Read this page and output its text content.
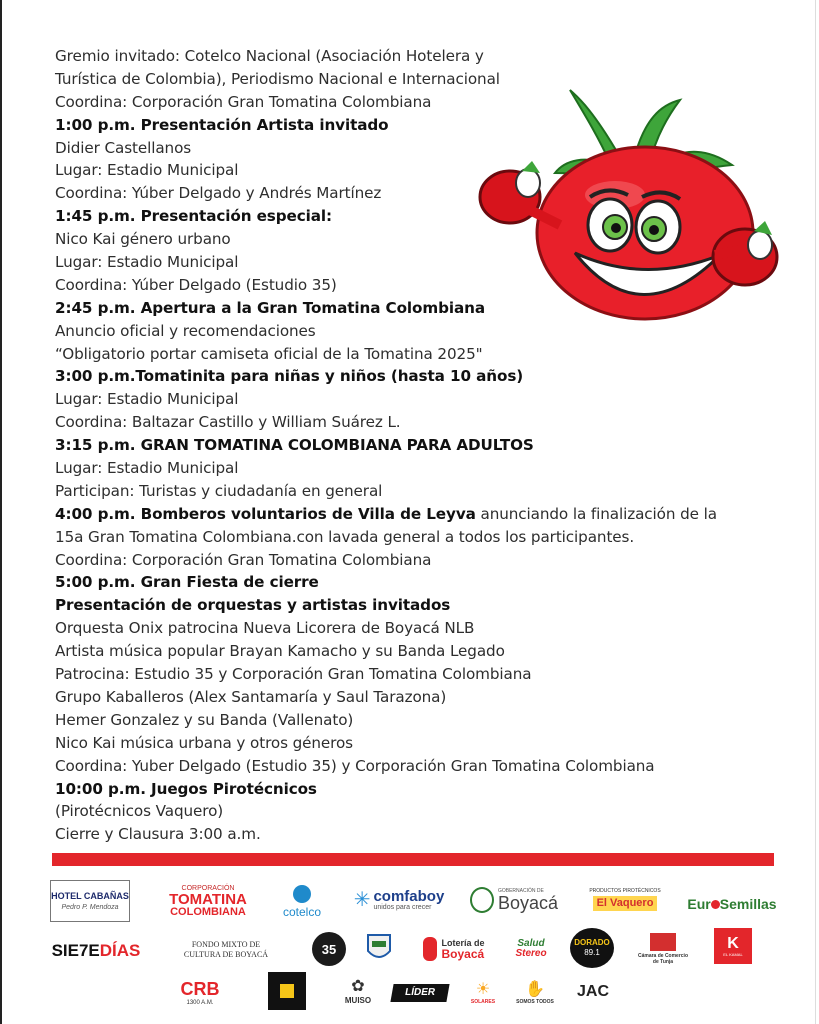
Gremio invitado: Cotelco Nacional (Asociación Hotelera y
Turística de Colombia), Periodismo Nacional e Internacional
Coordina: Corporación Gran Tomatina Colombiana
1:00 p.m. Presentación Artista invitado
Didier Castellanos
Lugar: Estadio Municipal
Coordina: Yúber Delgado y Andrés Martínez
1:45 p.m. Presentación especial:
Nico Kai género urbano
Lugar: Estadio Municipal
Coordina: Yúber Delgado (Estudio 35)
2:45 p.m. Apertura a la Gran Tomatina Colombiana
Anuncio oficial y recomendaciones
“Obligatorio portar camiseta oficial de la Tomatina 2025"
3:00 p.m.Tomatinita para niñas y niños (hasta 10 años)
Lugar: Estadio Municipal
Coordina: Baltazar Castillo y William Suárez L.
3:15 p.m. GRAN TOMATINA COLOMBIANA PARA ADULTOS
Lugar: Estadio Municipal
Participan: Turistas y ciudadanía en general
4:00 p.m. Bomberos voluntarios de Villa de Leyva anunciando la finalización de la
15a Gran Tomatina Colombiana.con lavada general a todos los participantes.
Coordina: Corporación Gran Tomatina Colombiana
5:00 p.m. Gran Fiesta de cierre
Presentación de orquestas y artistas invitados
Orquesta Onix patrocina Nueva Licorera de Boyacá NLB
Artista música popular Brayan Kamacho y su Banda Legado
Patrocina: Estudio 35 y Corporación Gran Tomatina Colombiana
Grupo Kaballeros (Alex Santamaría y Saul Tarazona)
Hemer Gonzalez y su Banda (Vallenato)
Nico Kai música urbana y otros géneros
Coordina: Yuber Delgado (Estudio 35) y Corporación Gran Tomatina Colombiana
10:00 p.m. Juegos Pirotécnicos
(Pirotécnicos Vaquero)
Cierre y Clausura 3:00 a.m.
HOTEL CABAÑAS
Pedro P. Mendoza
CORPORACIÓN
TOMATINA
COLOMBIANA	cotelco
✳ comfaboy
unidos para crecer
GOBERNACIÓN DE
Boyacá
PRODUCTOS PIROTÉCNICOS
El Vaquero Eur Semillas
SIE7E DÍAS	FONDO MIXTO DE
CULTURA DE BOYACÁ	35	Lotería de
Boyacá
Salud
Stereo
DORADO
89.1	Cámara de Comercio
de Tunja
K
EL KAMAL
CRB
1300 A.M.
✿
MUISO
LÍDER ☀
SOLARES
✋
SOMOS TODOS
JAC
